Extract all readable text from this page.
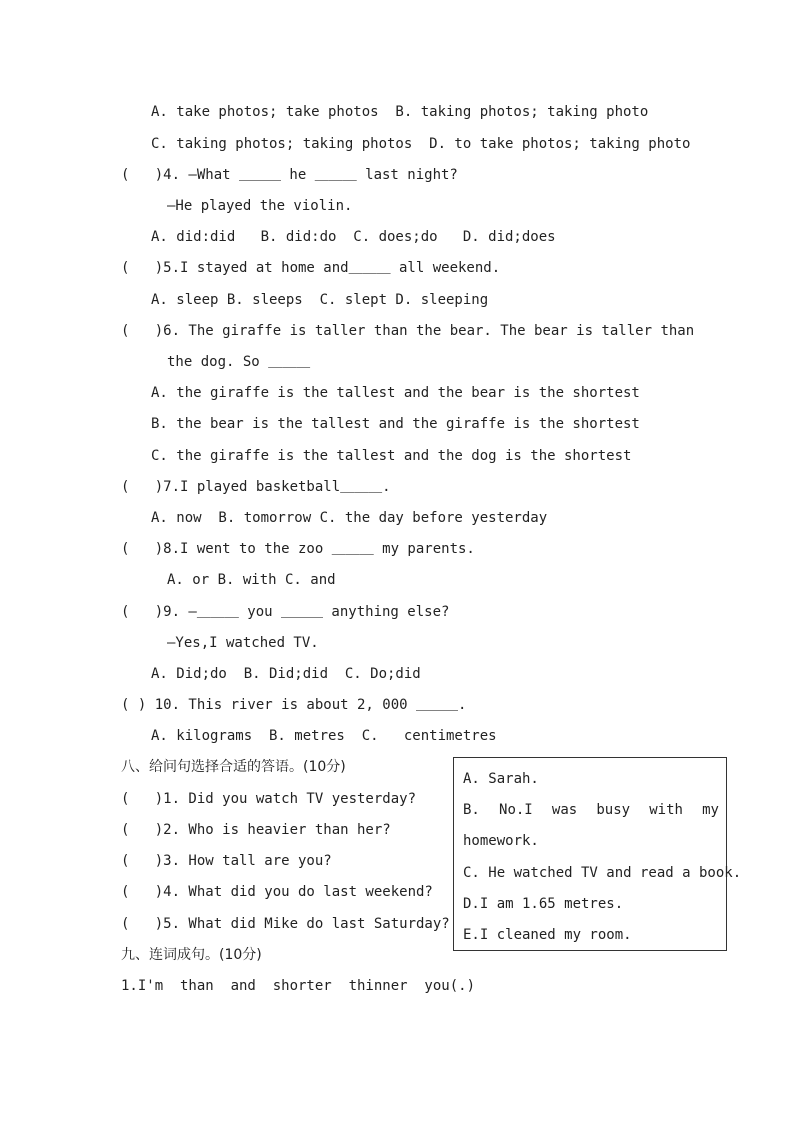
A. take photos; take photos  B. taking photos; taking photo
C. taking photos; taking photos  D. to take photos; taking photo
(   )4. —What ＿＿＿ he ＿＿＿ last night?
—He played the violin.
A. did:did   B. did:do  C. does;do   D. did;does
(   )5.I stayed at home and＿＿＿ all weekend.
A. sleep B. sleeps  C. slept D. sleeping
(   )6. The giraffe is taller than the bear. The bear is taller than
the dog. So ＿＿＿
A. the giraffe is the tallest and the bear is the shortest
B. the bear is the tallest and the giraffe is the shortest
C. the giraffe is the tallest and the dog is the shortest
(   )7.I played basketball＿＿＿.
A. now  B. tomorrow C. the day before yesterday
(   )8.I went to the zoo ＿＿＿ my parents.
A. or B. with C. and
(   )9. —＿＿＿ you ＿＿＿ anything else?
—Yes,I watched TV.
A. Did;do  B. Did;did  C. Do;did
( ) 10. This river is about 2, 000 ＿＿＿.
A. kilograms  B. metres  C.   centimetres
八、给问句选择合适的答语。(10分)
(   )1. Did you watch TV yesterday?
(   )2. Who is heavier than her?
(   )3. How tall are you?
(   )4. What did you do last weekend?
(   )5. What did Mike do last Saturday?
A. Sarah.
B. No.I was busy with my
homework.
C. He watched TV and read a book.
D.I am 1.65 metres.
E.I cleaned my room.
九、连词成句。(10分)
1.I'm  than  and  shorter  thinner  you(.)
